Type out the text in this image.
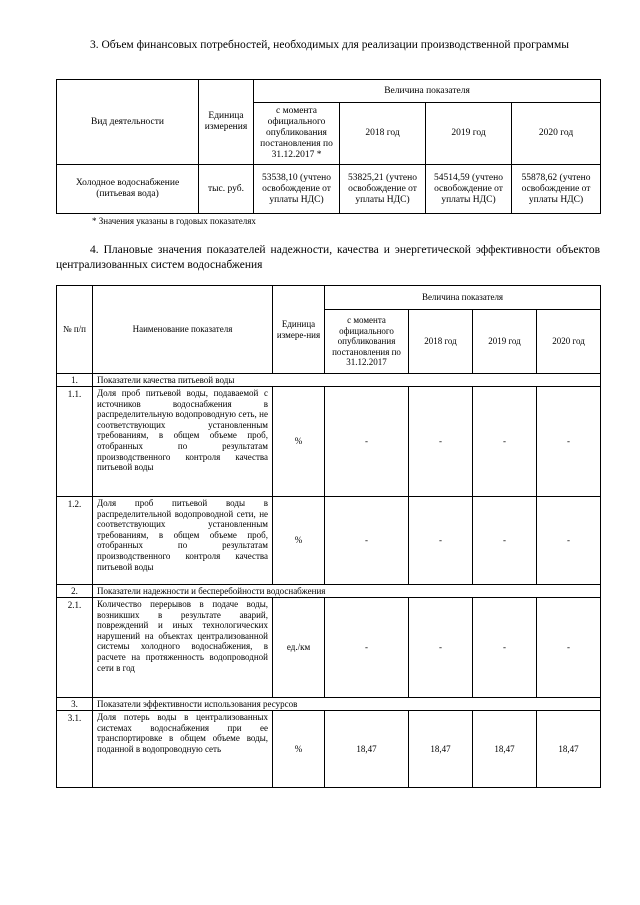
3. Объем финансовых потребностей, необходимых для реализации производственной программы
Вид деятельности	Единица измерения	Величина показателя			
		с момента официального опубликования постановления по 31.12.2017 *	2018 год	2019 год	2020 год
Холодное водоснабжение (питьевая вода)	тыс. руб.	53538,10 (учтено освобождение от уплаты НДС)	53825,21 (учтено освобождение от уплаты НДС)	54514,59 (учтено освобождение от уплаты НДС)	55878,62 (учтено освобождение от уплаты НДС)
* Значения указаны в годовых показателях
4. Плановые значения показателей надежности, качества и энергетической эффективности объектов централизованных систем водоснабжения
№ п/п	Наименование показателя	Единица измере-ния	Величина показателя			
			с момента официального опубликования постановления по 31.12.2017	2018 год	2019 год	2020 год
1.	Показатели качества питьевой воды					
1.1.	Доля проб питьевой воды, подаваемой с источников водоснабжения в распределительную водопроводную сеть, не соответствующих установленным требованиям, в общем объеме проб, отобранных по результатам производственного контроля качества питьевой воды	%	-	-	-	-
1.2.	Доля проб питьевой воды в распределительной водопроводной сети, не соответствующих установленным требованиям, в общем объеме проб, отобранных по результатам производственного контроля качества питьевой воды	%	-	-	-	-
2.	Показатели надежности и бесперебойности водоснабжения					
2.1.	Количество перерывов в подаче воды, возникших в результате аварий, повреждений и иных технологических нарушений на объектах централизованной системы холодного водоснабжения, в расчете на протяженность водопроводной сети в год	ед./км	-	-	-	-
3.	Показатели эффективности использования ресурсов					
3.1.	Доля потерь воды в централизованных системах водоснабжения при ее транспортировке в общем объеме воды, поданной в водопроводную сеть	%	18,47	18,47	18,47	18,47
